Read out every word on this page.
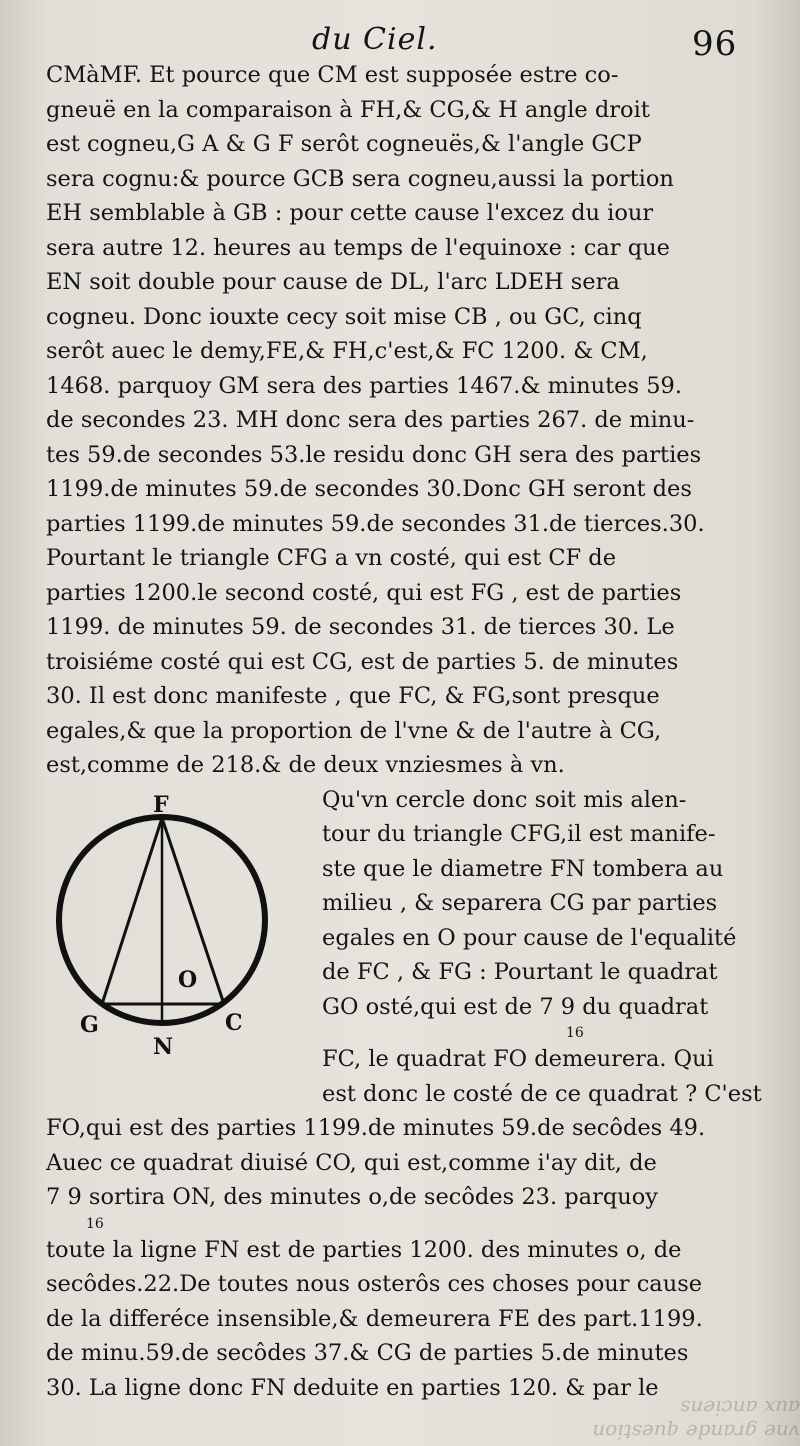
du Ciel.	96
CMàMF. Et pource que CM est supposée estre co-
gneuë en la comparaison à FH,& CG,& H angle droit
est cogneu,G A & G F serôt cogneuës,& l'angle GCP
sera cognu:& pource GCB sera cogneu,aussi la portion
EH semblable à GB : pour cette cause l'excez du iour
sera autre 12. heures au temps de l'equinoxe : car que
EN soit double pour cause de DL, l'arc LDEH sera
cogneu. Donc iouxte cecy soit mise CB , ou GC, cinq
serôt auec le demy,FE,& FH,c'est,& FC 1200. & CM,
1468. parquoy GM sera des parties 1467.& minutes 59.
de secondes 23. MH donc sera des parties 267. de minu-
tes 59.de secondes 53.le residu donc GH sera des parties
1199.de minutes 59.de secondes 30.Donc GH seront des
parties 1199.de minutes 59.de secondes 31.de tierces.30.
Pourtant le triangle CFG a vn costé, qui est CF de
parties 1200.le second costé, qui est FG , est de parties
1199. de minutes 59. de secondes 31. de tierces 30. Le
troisiéme costé qui est CG, est de parties 5. de minutes
30. Il est donc manifeste , que FC, & FG,sont presque
egales,& que la proportion de l'vne & de l'autre à CG,
est,comme de 218.& de deux vnziesmes à vn.
Qu'vn cercle donc soit mis alen-
tour du triangle CFG,il est manife-
ste que le diametre FN tombera au
milieu , & separera CG par parties
egales en O pour cause de l'equalité
de FC , & FG : Pourtant le quadrat
GO osté,qui est de 7 9 du quadrat
16
FC, le quadrat FO demeurera. Qui
est donc le costé de ce quadrat ? C'est
FO,qui est des parties 1199.de minutes 59.de secôdes 49.
Auec ce quadrat diuisé CO, qui est,comme i'ay dit, de
7 9 sortira ON, des minutes o,de secôdes 23. parquoy
16
toute la ligne FN est de parties 1200. des minutes o, de
secôdes.22.De toutes nous osterôs ces choses pour cause
de la differéce insensible,& demeurera FE des part.1199.
de minu.59.de secôdes 37.& CG de parties 5.de minutes
30. La ligne donc FN deduite en parties 120. & par le
F
G	C
O
N
vne grande question aux anciens
